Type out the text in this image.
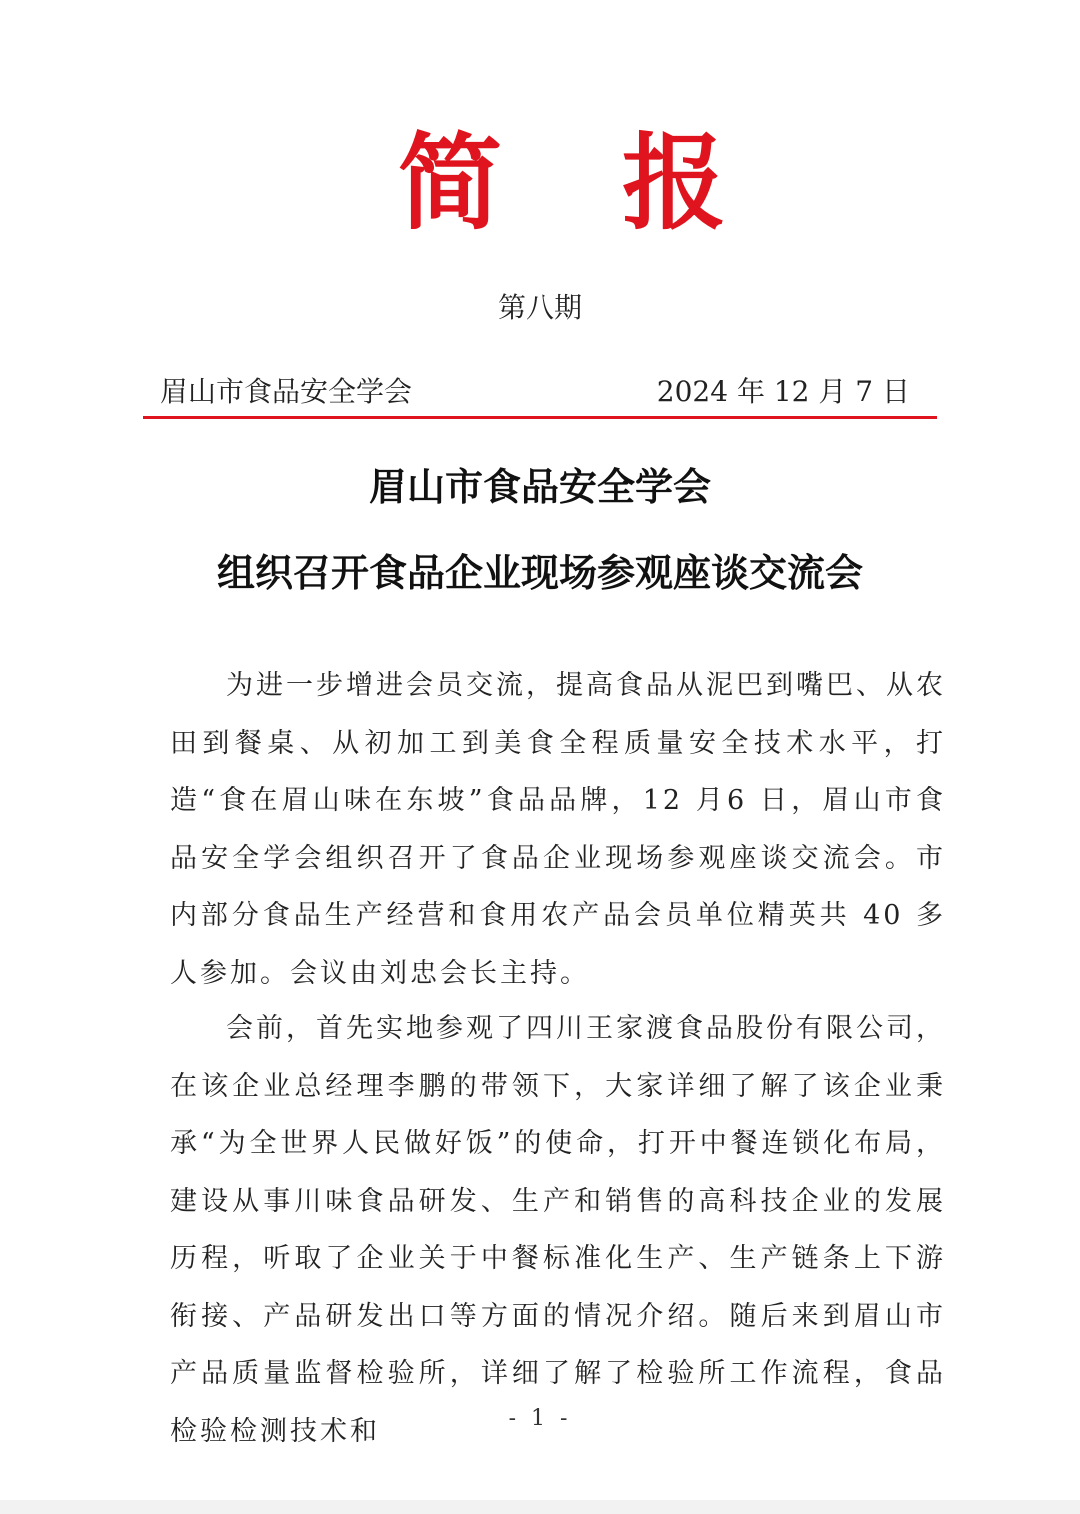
简 报
第八期
眉山市食品安全学会	2024 年 12 月 7 日
眉山市食品安全学会
组织召开食品企业现场参观座谈交流会

为进一步增进会员交流，提高食品从泥巴到嘴巴、从农田到餐桌、从初加工到美食全程质量安全技术水平，打造“食在眉山味在东坡”食品品牌，12 月6 日，眉山市食品安全学会组织召开了食品企业现场参观座谈交流会。市内部分食品生产经营和食用农产品会员单位精英共 40 多人参加。会议由刘忠会长主持。

会前，首先实地参观了四川王家渡食品股份有限公司，在该企业总经理李鹏的带领下，大家详细了解了该企业秉承“为全世界人民做好饭”的使命，打开中餐连锁化布局，建设从事川味食品研发、生产和销售的高科技企业的发展历程，听取了企业关于中餐标准化生产、生产链条上下游衔接、产品研发出口等方面的情况介绍。随后来到眉山市产品质量监督检验所，详细了解了检验所工作流程，食品检验检测技术和	- 1 -
